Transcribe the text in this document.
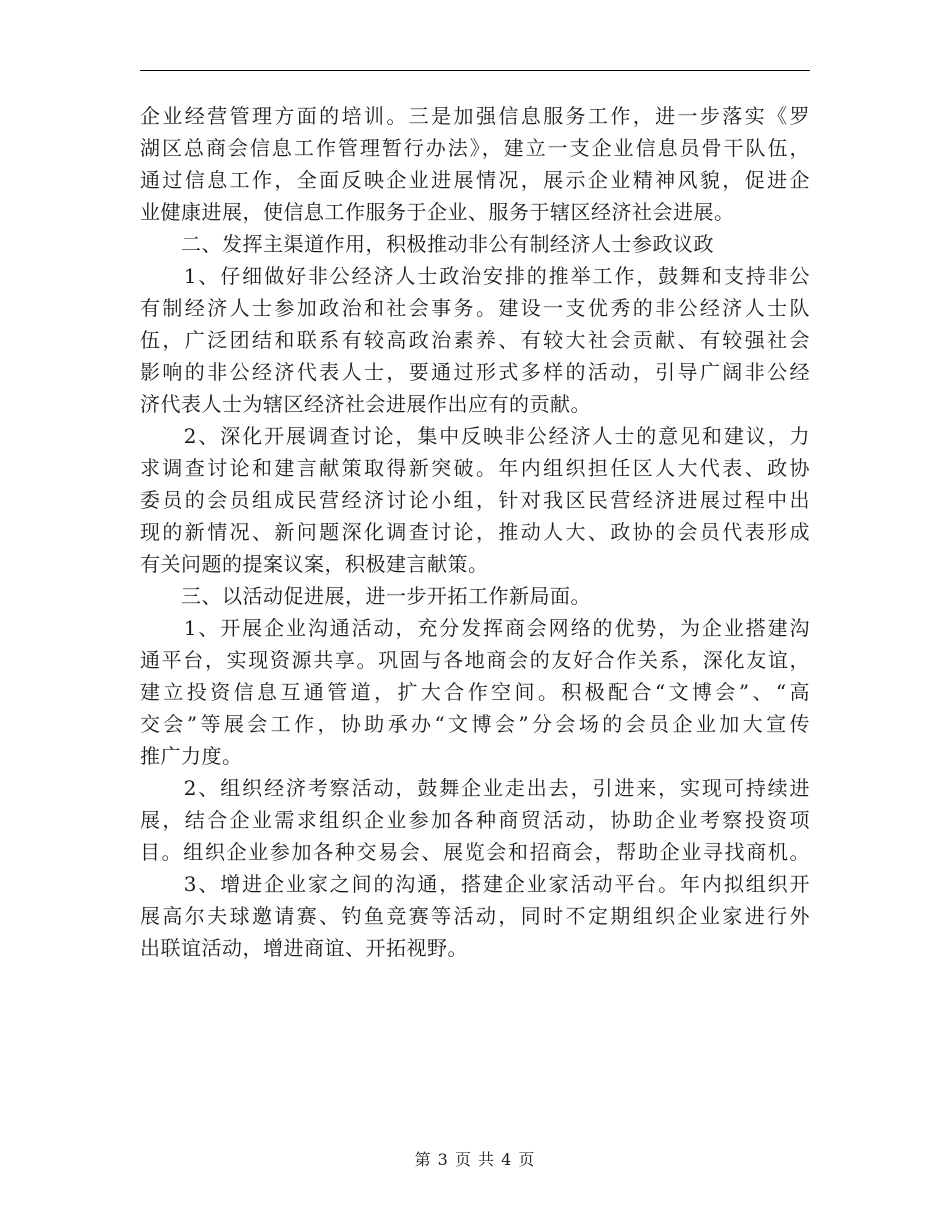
企业经营管理方面的培训。三是加强信息服务工作，进一步落实《罗
湖区总商会信息工作管理暂行办法》，建立一支企业信息员骨干队伍，
通过信息工作，全面反映企业进展情况，展示企业精神风貌，促进企
业健康进展，使信息工作服务于企业、服务于辖区经济社会进展。
　　二、发挥主渠道作用，积极推动非公有制经济人士参政议政
　　1、仔细做好非公经济人士政治安排的推举工作，鼓舞和支持非公
有制经济人士参加政治和社会事务。建设一支优秀的非公经济人士队
伍，广泛团结和联系有较高政治素养、有较大社会贡献、有较强社会
影响的非公经济代表人士，要通过形式多样的活动，引导广阔非公经
济代表人士为辖区经济社会进展作出应有的贡献。
　　2、深化开展调查讨论，集中反映非公经济人士的意见和建议，力
求调查讨论和建言献策取得新突破。年内组织担任区人大代表、政协
委员的会员组成民营经济讨论小组，针对我区民营经济进展过程中出
现的新情况、新问题深化调查讨论，推动人大、政协的会员代表形成
有关问题的提案议案，积极建言献策。
　　三、以活动促进展，进一步开拓工作新局面。
　　1、开展企业沟通活动，充分发挥商会网络的优势，为企业搭建沟
通平台，实现资源共享。巩固与各地商会的友好合作关系，深化友谊，
建立投资信息互通管道，扩大合作空间。积极配合“文博会”、“高
交会”等展会工作，协助承办“文博会”分会场的会员企业加大宣传
推广力度。
　　2、组织经济考察活动，鼓舞企业走出去，引进来，实现可持续进
展，结合企业需求组织企业参加各种商贸活动，协助企业考察投资项
目。组织企业参加各种交易会、展览会和招商会，帮助企业寻找商机。
　　3、增进企业家之间的沟通，搭建企业家活动平台。年内拟组织开
展高尔夫球邀请赛、钓鱼竞赛等活动，同时不定期组织企业家进行外
出联谊活动，增进商谊、开拓视野。
第 3 页 共 4 页
